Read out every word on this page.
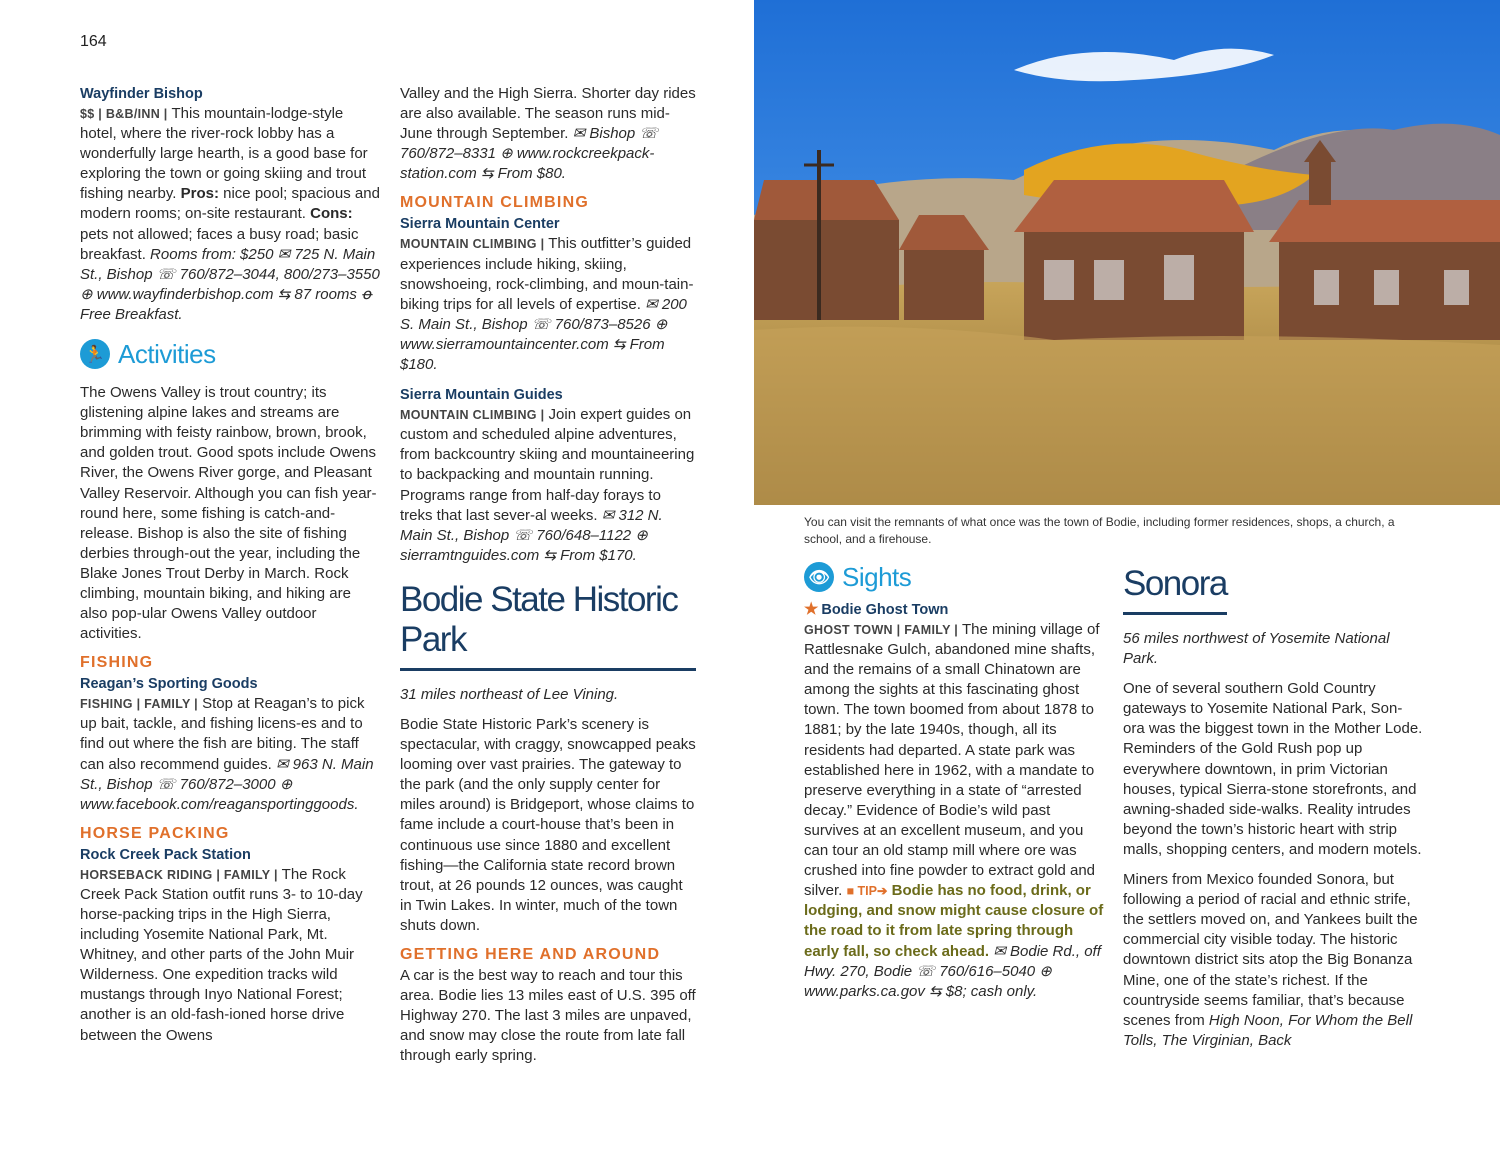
164
Wayfinder Bishop

$$ | B&B/INN | This mountain-lodge-style hotel, where the river-rock lobby has a wonderfully large hearth, is a good base for exploring the town or going skiing and trout fishing nearby. Pros: nice pool; spacious and modern rooms; on-site restaurant. Cons: pets not allowed; faces a busy road; basic breakfast. Rooms from: $250 ✉ 725 N. Main St., Bishop ☏ 760/872–3044, 800/273–3550 ⊕ www.wayfinderbishop.com ⇆ 87 rooms ꝋ Free Breakfast.

🏃 Activities

The Owens Valley is trout country; its glistening alpine lakes and streams are brimming with feisty rainbow, brown, brook, and golden trout. Good spots include Owens River, the Owens River gorge, and Pleasant Valley Reservoir. Although you can fish year-round here, some fishing is catch-and-release. Bishop is also the site of fishing derbies through-out the year, including the Blake Jones Trout Derby in March. Rock climbing, mountain biking, and hiking are also pop-ular Owens Valley outdoor activities.

FISHING
Reagan’s Sporting Goods

FISHING | FAMILY | Stop at Reagan’s to pick up bait, tackle, and fishing licens-es and to find out where the fish are biting. The staff can also recommend guides. ✉ 963 N. Main St., Bishop ☏ 760/872–3000 ⊕ www.facebook.com/reagansportinggoods.

HORSE PACKING
Rock Creek Pack Station

HORSEBACK RIDING | FAMILY | The Rock Creek Pack Station outfit runs 3- to 10-day horse-packing trips in the High Sierra, including Yosemite National Park, Mt. Whitney, and other parts of the John Muir Wilderness. One expedition tracks wild mustangs through Inyo National Forest; another is an old-fash-ioned horse drive between the Owens

Valley and the High Sierra. Shorter day rides are also available. The season runs mid-June through September. ✉ Bishop ☏ 760/872–8331 ⊕ www.rockcreekpack-station.com ⇆ From $80.

MOUNTAIN CLIMBING
Sierra Mountain Center

MOUNTAIN CLIMBING | This outfitter’s guided experiences include hiking, skiing, snowshoeing, rock-climbing, and moun-tain-biking trips for all levels of expertise. ✉ 200 S. Main St., Bishop ☏ 760/873–8526 ⊕ www.sierramountaincenter.com ⇆ From $180.

Sierra Mountain Guides

MOUNTAIN CLIMBING | Join expert guides on custom and scheduled alpine adventures, from backcountry skiing and mountaineering to backpacking and mountain running. Programs range from half-day forays to treks that last sever-al weeks. ✉ 312 N. Main St., Bishop ☏ 760/648–1122 ⊕ sierramtnguides.com ⇆ From $170.

Bodie State Historic Park

31 miles northeast of Lee Vining.

Bodie State Historic Park’s scenery is spectacular, with craggy, snowcapped peaks looming over vast prairies. The gateway to the park (and the only supply center for miles around) is Bridgeport, whose claims to fame include a court-house that’s been in continuous use since 1880 and excellent fishing—the California state record brown trout, at 26 pounds 12 ounces, was caught in Twin Lakes. In winter, much of the town shuts down.

GETTING HERE AND AROUND

A car is the best way to reach and tour this area. Bodie lies 13 miles east of U.S. 395 off Highway 270. The last 3 miles are unpaved, and snow may close the route from late fall through early spring.

You can visit the remnants of what once was the town of Bodie, including former residences, shops, a church, a school, and a firehouse.
👁 Sights
★ Bodie Ghost Town

GHOST TOWN | FAMILY | The mining village of Rattlesnake Gulch, abandoned mine shafts, and the remains of a small Chinatown are among the sights at this fascinating ghost town. The town boomed from about 1878 to 1881; by the late 1940s, though, all its residents had departed. A state park was established here in 1962, with a mandate to preserve everything in a state of “arrested decay.” Evidence of Bodie’s wild past survives at an excellent museum, and you can tour an old stamp mill where ore was crushed into fine powder to extract gold and silver. ■ TIP➔ Bodie has no food, drink, or lodging, and snow might cause closure of the road to it from late spring through early fall, so check ahead. ✉ Bodie Rd., off Hwy. 270, Bodie ☏ 760/616–5040 ⊕ www.parks.ca.gov ⇆ $8; cash only.

Sonora

56 miles northwest of Yosemite National Park.

One of several southern Gold Country gateways to Yosemite National Park, Son-ora was the biggest town in the Mother Lode. Reminders of the Gold Rush pop up everywhere downtown, in prim Victorian houses, typical Sierra-stone storefronts, and awning-shaded side-walks. Reality intrudes beyond the town’s historic heart with strip malls, shopping centers, and modern motels.

Miners from Mexico founded Sonora, but following a period of racial and ethnic strife, the settlers moved on, and Yankees built the commercial city visible today. The historic downtown district sits atop the Big Bonanza Mine, one of the state’s richest. If the countryside seems familiar, that’s because scenes from High Noon, For Whom the Bell Tolls, The Virginian, Back
